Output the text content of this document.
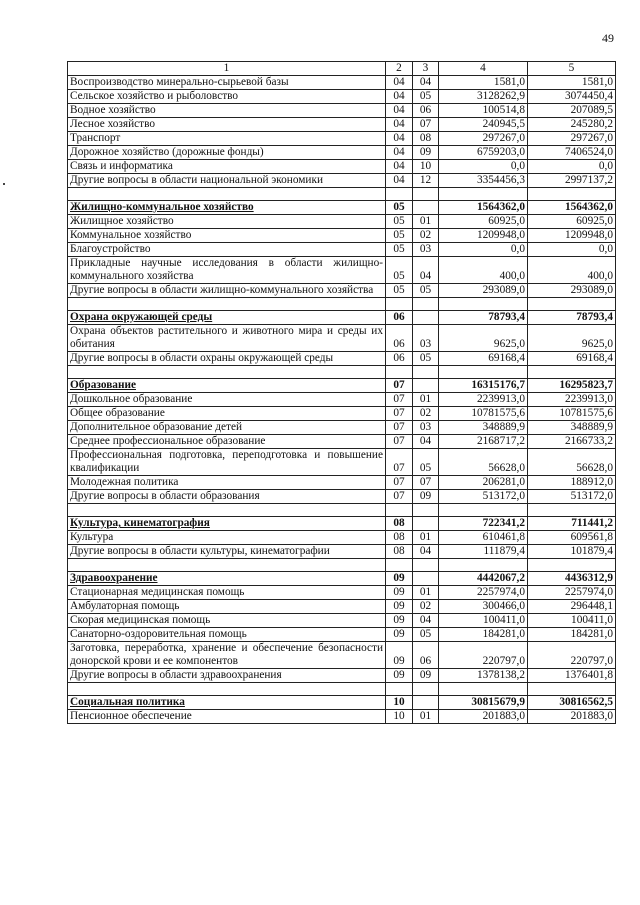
49
1	2	3	4	5
Воспроизводство минерально-сырьевой базы	04	04	1581,0	1581,0
Сельское хозяйство и рыболовство	04	05	3128262,9	3074450,4
Водное хозяйство	04	06	100514,8	207089,5
Лесное хозяйство	04	07	240945,5	245280,2
Транспорт	04	08	297267,0	297267,0
Дорожное хозяйство (дорожные фонды)	04	09	6759203,0	7406524,0
Связь и информатика	04	10	0,0	0,0
Другие вопросы в области национальной экономики	04	12	3354456,3	2997137,2

Жилищно-коммунальное хозяйство	05		1564362,0	1564362,0
Жилищное хозяйство	05	01	60925,0	60925,0
Коммунальное хозяйство	05	02	1209948,0	1209948,0
Благоустройство	05	03	0,0	0,0
Прикладные научные исследования в области жилищно-коммунального хозяйства	05	04	400,0	400,0
Другие вопросы в области жилищно-коммунального хозяйства	05	05	293089,0	293089,0

Охрана окружающей среды	06		78793,4	78793,4
Охрана объектов растительного и животного мира и среды их обитания	06	03	9625,0	9625,0
Другие вопросы в области охраны окружающей среды	06	05	69168,4	69168,4

Образование	07		16315176,7	16295823,7
Дошкольное образование	07	01	2239913,0	2239913,0
Общее образование	07	02	10781575,6	10781575,6
Дополнительное образование детей	07	03	348889,9	348889,9
Среднее профессиональное образование	07	04	2168717,2	2166733,2
Профессиональная подготовка, переподготовка и повышение квалификации	07	05	56628,0	56628,0
Молодежная политика	07	07	206281,0	188912,0
Другие вопросы в области образования	07	09	513172,0	513172,0

Культура, кинематография	08		722341,2	711441,2
Культура	08	01	610461,8	609561,8
Другие вопросы в области культуры, кинематографии	08	04	111879,4	101879,4

Здравоохранение	09		4442067,2	4436312,9
Стационарная медицинская помощь	09	01	2257974,0	2257974,0
Амбулаторная помощь	09	02	300466,0	296448,1
Скорая медицинская помощь	09	04	100411,0	100411,0
Санаторно-оздоровительная помощь	09	05	184281,0	184281,0
Заготовка, переработка, хранение и обеспечение безопасности донорской крови и ее компонентов	09	06	220797,0	220797,0
Другие вопросы в области здравоохранения	09	09	1378138,2	1376401,8

Социальная политика	10		30815679,9	30816562,5
Пенсионное обеспечение	10	01	201883,0	201883,0
